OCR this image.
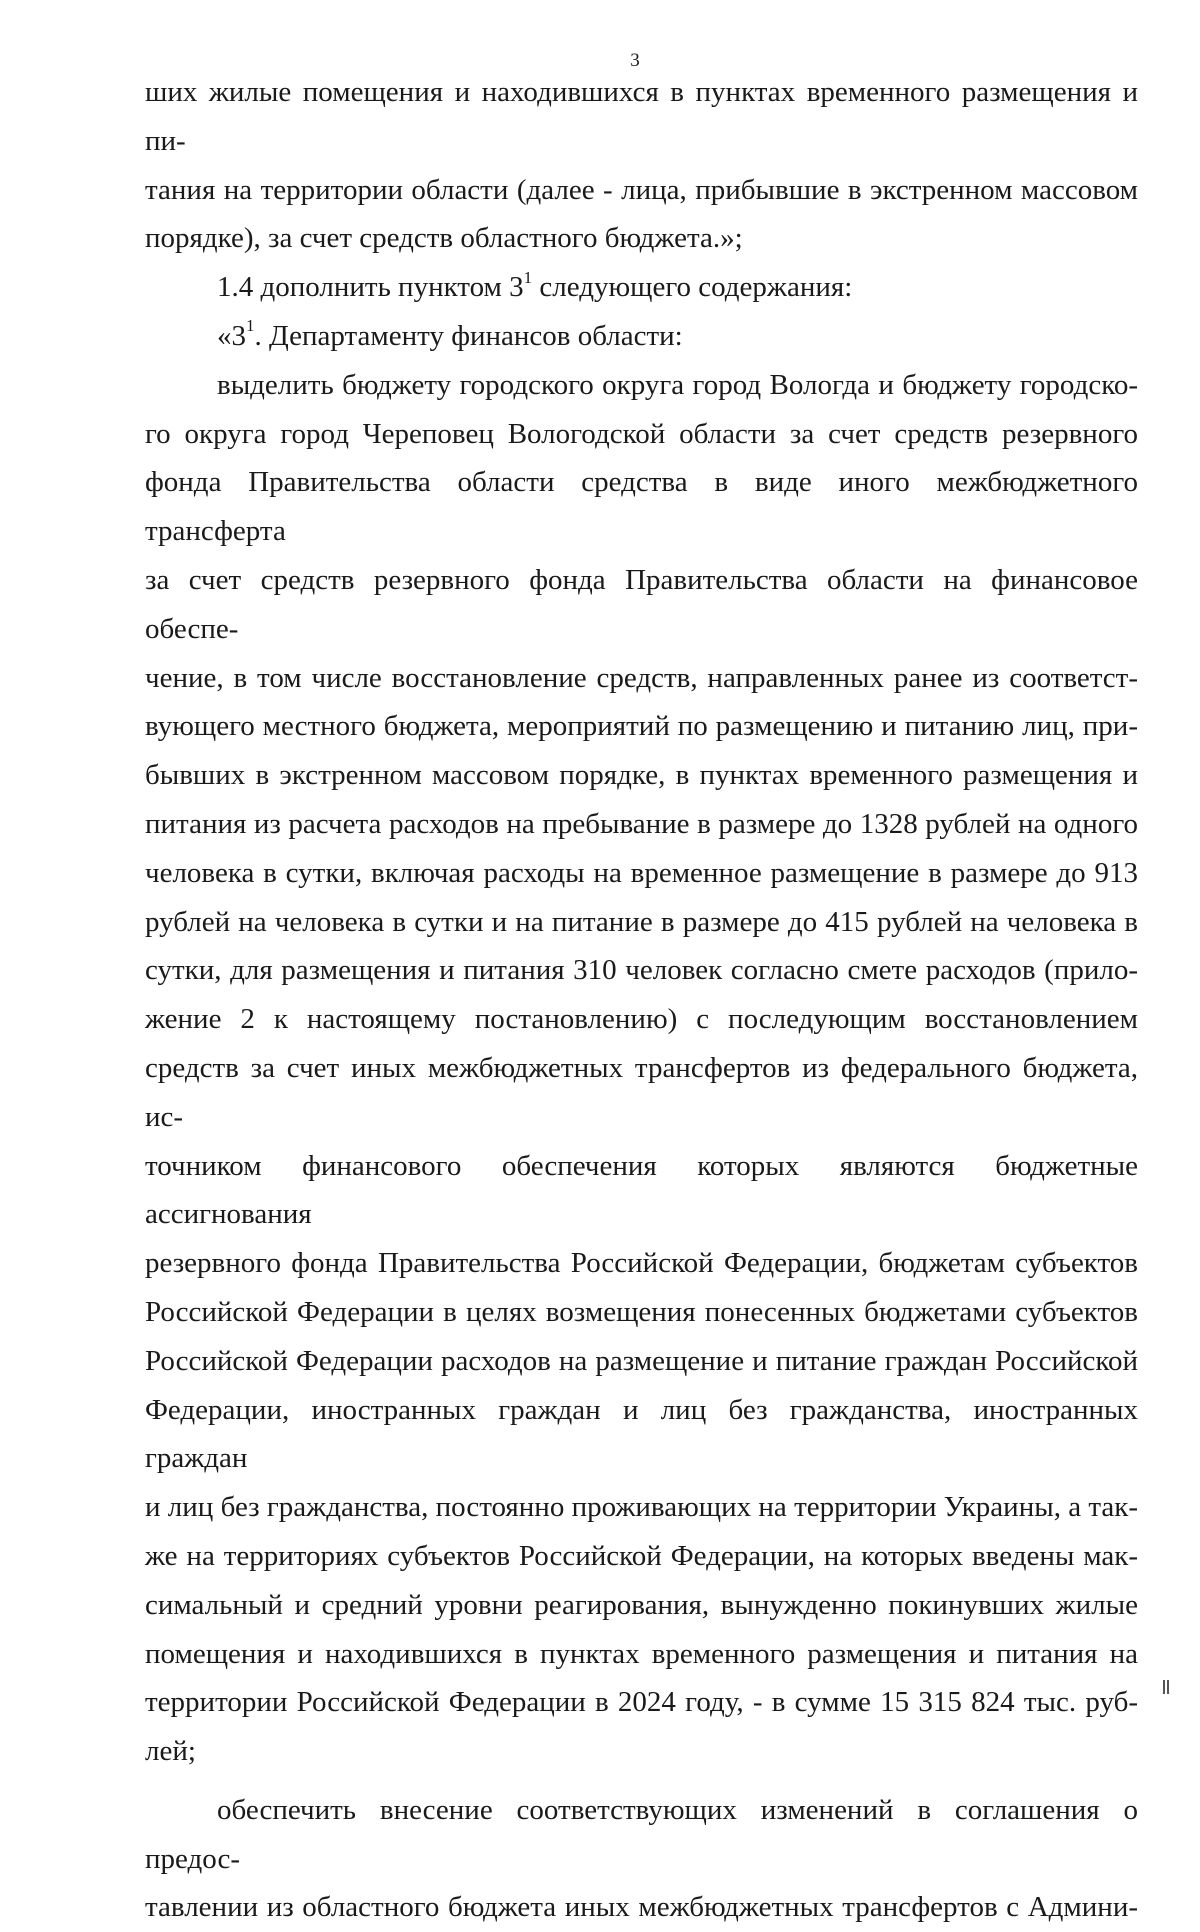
3

ших жилые помещения и находившихся в пунктах временного размещения и пи-

тания на территории области (далее - лица, прибывшие в экстренном массовом

порядке), за счет средств областного бюджета.»;

1.4 дополнить пунктом $3^1$ следующего содержания:

«$3^1$. Департаменту финансов области:

выделить бюджету городского округа город Вологда и бюджету городско-

го округа город Череповец Вологодской области за счет средств резервного

фонда Правительства области средства в виде иного межбюджетного трансферта

за счет средств резервного фонда Правительства области на финансовое обеспе-

чение, в том числе восстановление средств, направленных ранее из соответст-

вующего местного бюджета, мероприятий по размещению и питанию лиц, при-

бывших в экстренном массовом порядке, в пунктах временного размещения и

питания из расчета расходов на пребывание в размере до 1328 рублей на одного

человека в сутки, включая расходы на временное размещение в размере до 913

рублей на человека в сутки и на питание в размере до 415 рублей на человека в

сутки, для размещения и питания 310 человек согласно смете расходов (прило-

жение 2 к настоящему постановлению) с последующим восстановлением

средств за счет иных межбюджетных трансфертов из федерального бюджета, ис-

точником финансового обеспечения которых являются бюджетные ассигнования

резервного фонда Правительства Российской Федерации, бюджетам субъектов

Российской Федерации в целях возмещения понесенных бюджетами субъектов

Российской Федерации расходов на размещение и питание граждан Российской

Федерации, иностранных граждан и лиц без гражданства, иностранных граждан

и лиц без гражданства, постоянно проживающих на территории Украины, а так-

же на территориях субъектов Российской Федерации, на которых введены мак-

симальный и средний уровни реагирования, вынужденно покинувших жилые

помещения и находившихся в пунктах временного размещения и питания на

территории Российской Федерации в 2024 году, - в сумме 15 315 824 тыс. руб-

лей;

обеспечить внесение соответствующих изменений в соглашения о предос-

тавлении из областного бюджета иных межбюджетных трансфертов с Админи-
